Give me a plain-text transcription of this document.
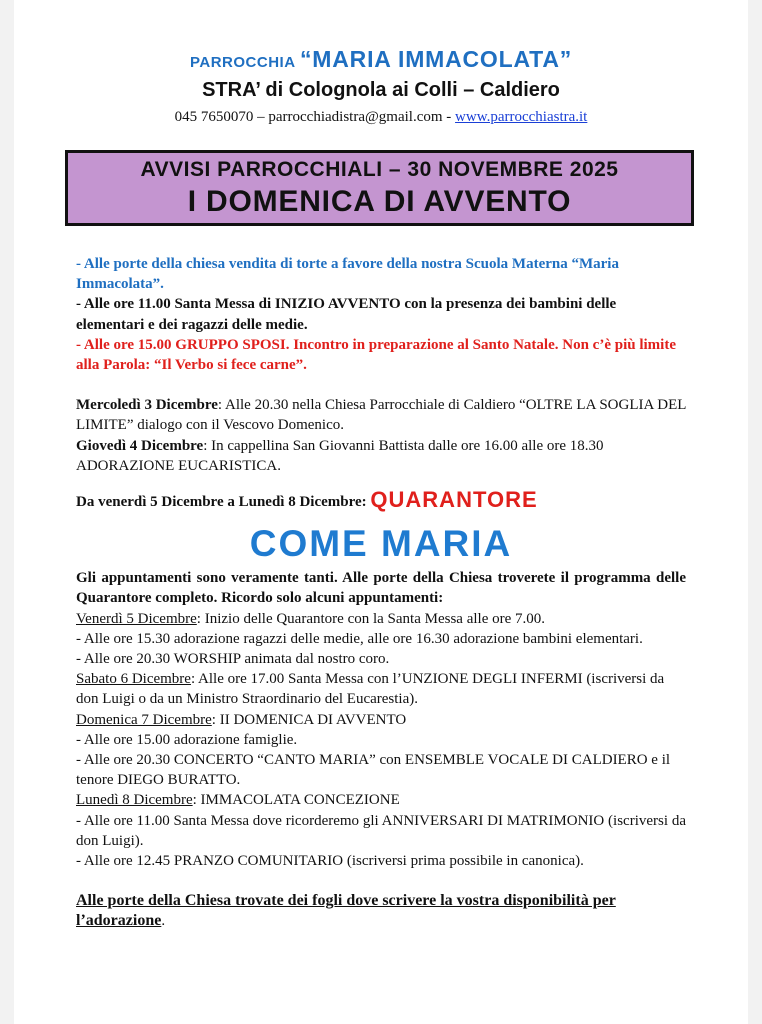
PARROCCHIA “MARIA IMMACOLATA”
STRA’ di Colognola ai Colli – Caldiero
045 7650070 – parrocchiadistra@gmail.com - www.parrocchiastra.it
AVVISI PARROCCHIALI – 30 NOVEMBRE 2025
I DOMENICA DI AVVENTO

- Alle porte della chiesa vendita di torte a favore della nostra Scuola Materna “Maria Immacolata”.

- Alle ore 11.00 Santa Messa di INIZIO AVVENTO con la presenza dei bambini delle elementari e dei ragazzi delle medie.

- Alle ore 15.00 GRUPPO SPOSI. Incontro in preparazione al Santo Natale. Non c’è più limite alla Parola: “Il Verbo si fece carne”.

Mercoledì 3 Dicembre: Alle 20.30 nella Chiesa Parrocchiale di Caldiero “OLTRE LA SOGLIA DEL LIMITE” dialogo con il Vescovo Domenico.

Giovedì 4 Dicembre: In cappellina San Giovanni Battista dalle ore 16.00 alle ore 18.30 ADORAZIONE EUCARISTICA.

Da venerdì 5 Dicembre a Lunedì 8 Dicembre: QUARANTORE

COME MARIA

Gli appuntamenti sono veramente tanti. Alle porte della Chiesa troverete il programma delle Quarantore completo. Ricordo solo alcuni appuntamenti:

Venerdì 5 Dicembre: Inizio delle Quarantore con la Santa Messa alle ore 7.00.

- Alle ore 15.30 adorazione ragazzi delle medie, alle ore 16.30 adorazione bambini elementari.

- Alle ore 20.30 WORSHIP animata dal nostro coro.

Sabato 6 Dicembre: Alle ore 17.00 Santa Messa con l’UNZIONE DEGLI INFERMI (iscriversi da don Luigi o da un Ministro Straordinario del Eucarestia).

Domenica 7 Dicembre: II DOMENICA DI AVVENTO

- Alle ore 15.00 adorazione famiglie.

- Alle ore 20.30 CONCERTO “CANTO MARIA” con ENSEMBLE VOCALE DI CALDIERO e il tenore DIEGO BURATTO.

Lunedì 8 Dicembre: IMMACOLATA CONCEZIONE

- Alle ore 11.00 Santa Messa dove ricorderemo gli ANNIVERSARI DI MATRIMONIO (iscriversi da don Luigi).

- Alle ore 12.45 PRANZO COMUNITARIO (iscriversi prima possibile in canonica).

Alle porte della Chiesa trovate dei fogli dove scrivere la vostra disponibilità per l’adorazione.
